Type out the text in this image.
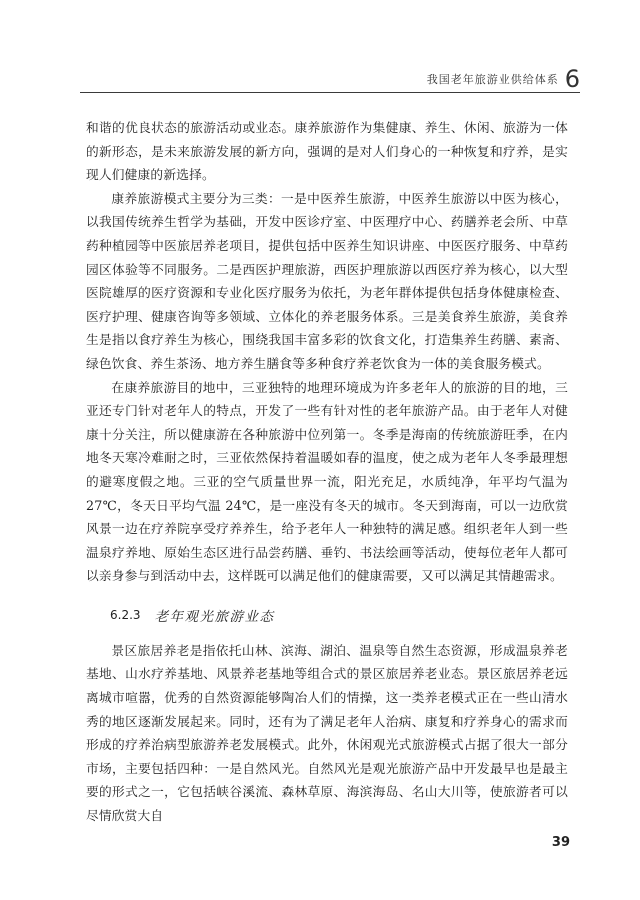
我国老年旅游业供给体系 6

和谐的优良状态的旅游活动或业态。康养旅游作为集健康、养生、休闲、旅游为一体的新形态，是未来旅游发展的新方向，强调的是对人们身心的一种恢复和疗养，是实现人们健康的新选择。

康养旅游模式主要分为三类：一是中医养生旅游，中医养生旅游以中医为核心，以我国传统养生哲学为基础，开发中医诊疗室、中医理疗中心、药膳养老会所、中草药种植园等中医旅居养老项目，提供包括中医养生知识讲座、中医医疗服务、中草药园区体验等不同服务。二是西医护理旅游，西医护理旅游以西医疗养为核心，以大型医院雄厚的医疗资源和专业化医疗服务为依托，为老年群体提供包括身体健康检查、医疗护理、健康咨询等多领域、立体化的养老服务体系。三是美食养生旅游，美食养生是指以食疗养生为核心，围绕我国丰富多彩的饮食文化，打造集养生药膳、素斋、绿色饮食、养生茶汤、地方养生膳食等多种食疗养老饮食为一体的美食服务模式。

在康养旅游目的地中，三亚独特的地理环境成为许多老年人的旅游的目的地，三亚还专门针对老年人的特点，开发了一些有针对性的老年旅游产品。由于老年人对健康十分关注，所以健康游在各种旅游中位列第一。冬季是海南的传统旅游旺季，在内地冬天寒冷难耐之时，三亚依然保持着温暖如春的温度，使之成为老年人冬季最理想的避寒度假之地。三亚的空气质量世界一流，阳光充足，水质纯净，年平均气温为 27℃，冬天日平均气温 24℃，是一座没有冬天的城市。冬天到海南，可以一边欣赏风景一边在疗养院享受疗养养生，给予老年人一种独特的满足感。组织老年人到一些温泉疗养地、原始生态区进行品尝药膳、垂钓、书法绘画等活动，使每位老年人都可以亲身参与到活动中去，这样既可以满足他们的健康需要，又可以满足其情趣需求。

6.2.3 老年观光旅游业态

景区旅居养老是指依托山林、滨海、湖泊、温泉等自然生态资源，形成温泉养老基地、山水疗养基地、风景养老基地等组合式的景区旅居养老业态。景区旅居养老远离城市喧嚣，优秀的自然资源能够陶冶人们的情操，这一类养老模式正在一些山清水秀的地区逐渐发展起来。同时，还有为了满足老年人治病、康复和疗养身心的需求而形成的疗养治病型旅游养老发展模式。此外，休闲观光式旅游模式占据了很大一部分市场，主要包括四种：一是自然风光。自然风光是观光旅游产品中开发最早也是最主要的形式之一，它包括峡谷溪流、森林草原、海滨海岛、名山大川等，使旅游者可以尽情欣赏大自

39
